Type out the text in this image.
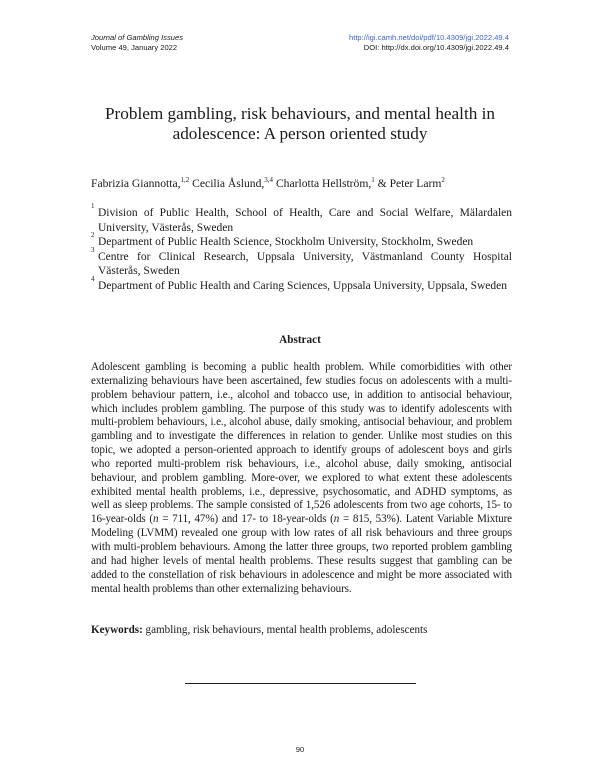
Journal of Gambling Issues
Volume 49, January 2022
http://igi.camh.net/doi/pdf/10.4309/jgi.2022.49.4
DOI: http://dx.doi.org/10.4309/jgi.2022.49.4
Problem gambling, risk behaviours, and mental health in adolescence: A person oriented study
Fabrizia Giannotta,$^{1,2}$ Cecilia Åslund,$^{3,4}$ Charlotta Hellström,$^1$ & Peter Larm$^2$
1
Division of Public Health, School of Health, Care and Social Welfare, Mälardalen University, Västerås, Sweden
2
Department of Public Health Science, Stockholm University, Stockholm, Sweden
3
Centre for Clinical Research, Uppsala University, Västmanland County Hospital Västerås, Sweden
4
Department of Public Health and Caring Sciences, Uppsala University, Uppsala, Sweden
Abstract
Adolescent gambling is becoming a public health problem. While comorbidities with other externalizing behaviours have been ascertained, few studies focus on adolescents with a multi-problem behaviour pattern, i.e., alcohol and tobacco use, in addition to antisocial behaviour, which includes problem gambling. The purpose of this study was to identify adolescents with multi-problem behaviours, i.e., alcohol abuse, daily smoking, antisocial behaviour, and problem gambling and to investigate the differences in relation to gender. Unlike most studies on this topic, we adopted a person-oriented approach to identify groups of adolescent boys and girls who reported multi-problem risk behaviours, i.e., alcohol abuse, daily smoking, antisocial behaviour, and problem gambling. More-over, we explored to what extent these adolescents exhibited mental health problems, i.e., depressive, psychosomatic, and ADHD symptoms, as well as sleep problems. The sample consisted of 1,526 adolescents from two age cohorts, 15- to 16-year-olds (n = 711, 47%) and 17- to 18-year-olds (n = 815, 53%). Latent Variable Mixture Modeling (LVMM) revealed one group with low rates of all risk behaviours and three groups with multi-problem behaviours. Among the latter three groups, two reported problem gambling and had higher levels of mental health problems. These results suggest that gambling can be added to the constellation of risk behaviours in adolescence and might be more associated with mental health problems than other externalizing behaviours.
Keywords: gambling, risk behaviours, mental health problems, adolescents
90
